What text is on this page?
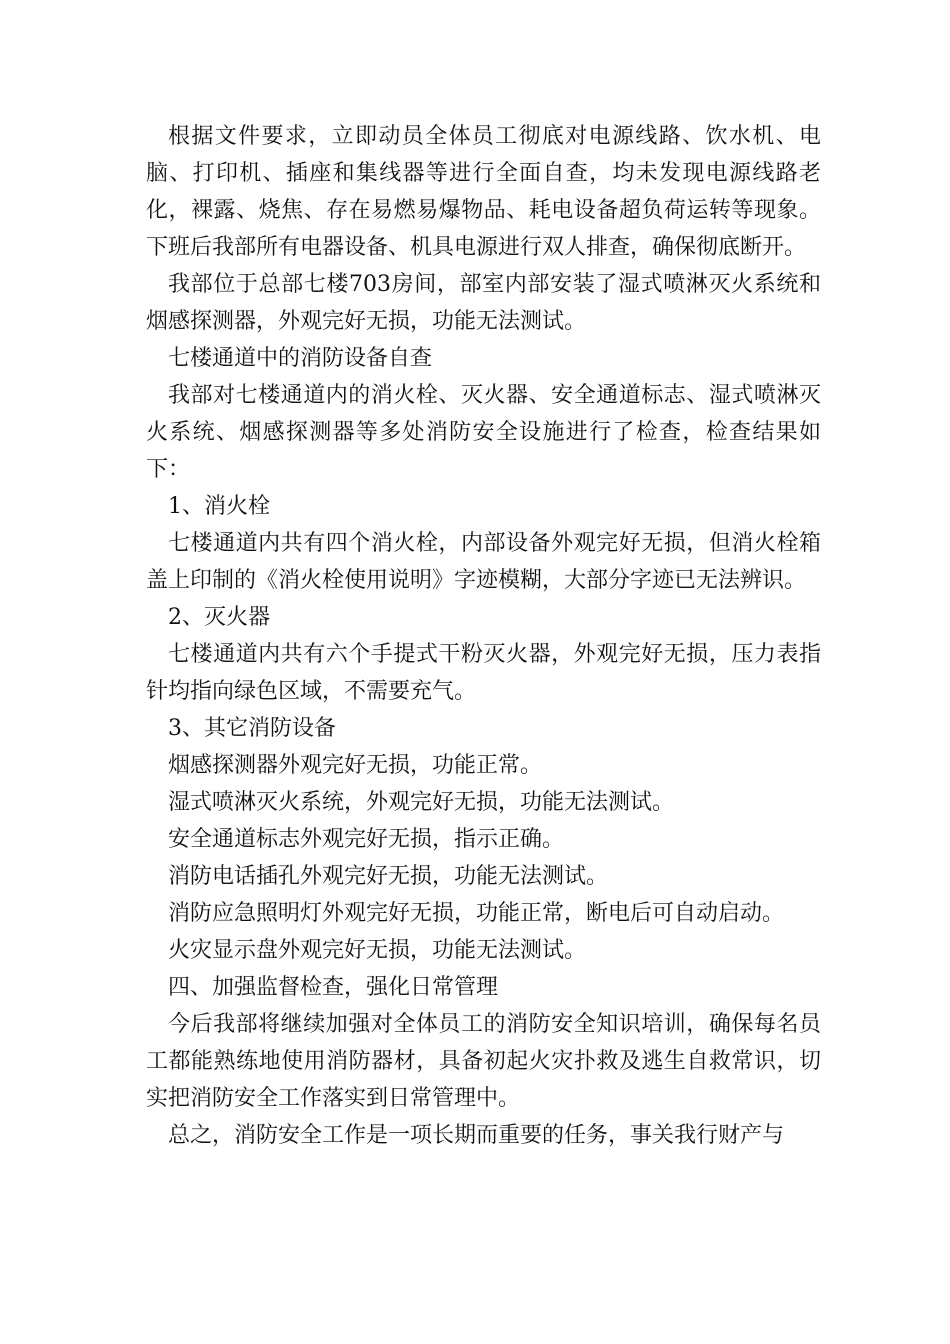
根据文件要求，立即动员全体员工彻底对电源线路、饮水机、电脑、打印机、插座和集线器等进行全面自查，均未发现电源线路老化，裸露、烧焦、存在易燃易爆物品、耗电设备超负荷运转等现象。下班后我部所有电器设备、机具电源进行双人排查，确保彻底断开。

我部位于总部七楼703房间，部室内部安装了湿式喷淋灭火系统和烟感探测器，外观完好无损，功能无法测试。

七楼通道中的消防设备自查

我部对七楼通道内的消火栓、灭火器、安全通道标志、湿式喷淋灭火系统、烟感探测器等多处消防安全设施进行了检查，检查结果如下：

1、消火栓

七楼通道内共有四个消火栓，内部设备外观完好无损，但消火栓箱盖上印制的《消火栓使用说明》字迹模糊，大部分字迹已无法辨识。

2、灭火器

七楼通道内共有六个手提式干粉灭火器，外观完好无损，压力表指针均指向绿色区域，不需要充气。

3、其它消防设备

烟感探测器外观完好无损，功能正常。

湿式喷淋灭火系统，外观完好无损，功能无法测试。

安全通道标志外观完好无损，指示正确。

消防电话插孔外观完好无损，功能无法测试。

消防应急照明灯外观完好无损，功能正常，断电后可自动启动。

火灾显示盘外观完好无损，功能无法测试。

四、加强监督检查，强化日常管理

今后我部将继续加强对全体员工的消防安全知识培训，确保每名员工都能熟练地使用消防器材，具备初起火灾扑救及逃生自救常识，切实把消防安全工作落实到日常管理中。

总之，消防安全工作是一项长期而重要的任务，事关我行财产与
